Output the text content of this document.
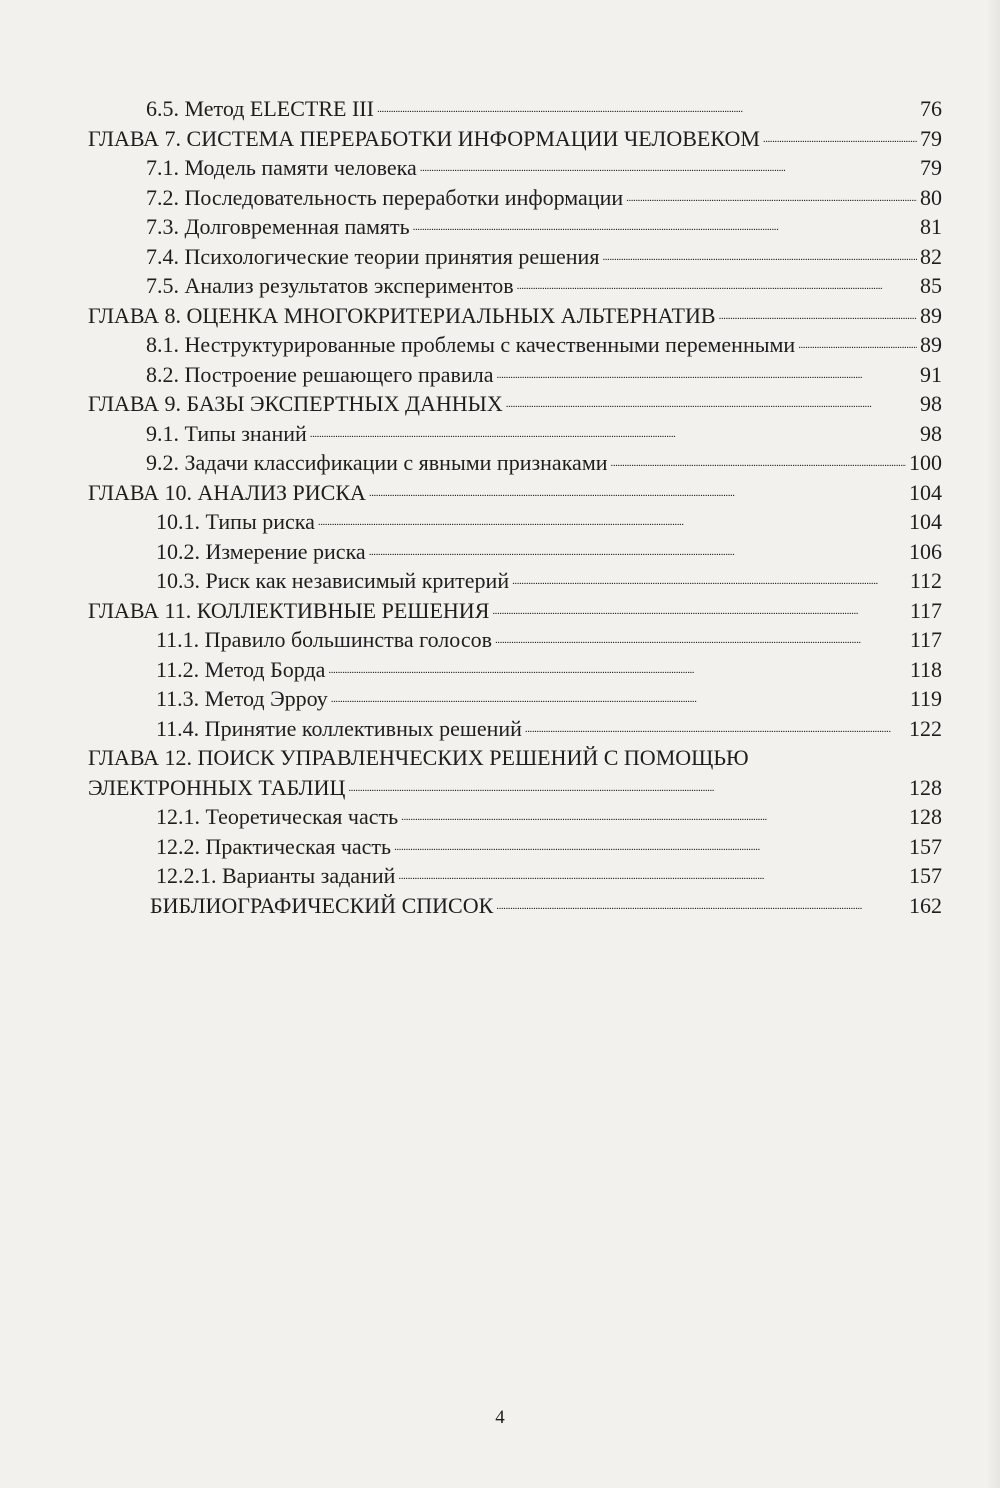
6.5. Метод ELECTRE III . . .	76
ГЛАВА 7. СИСТЕМА ПЕРЕРАБОТКИ ИНФОРМАЦИИ ЧЕЛОВЕКОМ . . .	79
7.1. Модель памяти человека . . .	79
7.2. Последовательность переработки информации . . .	80
7.3. Долговременная память . . .	81
7.4. Психологические теории принятия решения . . .	82
7.5. Анализ результатов экспериментов . . .	85
ГЛАВА 8. ОЦЕНКА МНОГОКРИТЕРИАЛЬНЫХ АЛЬТЕРНАТИВ . . .	89
8.1. Неструктурированные проблемы с качественными переменными . . .	89
8.2. Построение решающего правила . . .	91
ГЛАВА 9. БАЗЫ ЭКСПЕРТНЫХ ДАННЫХ . . .	98
9.1. Типы знаний . . .	98
9.2. Задачи классификации с явными признаками . . .	100
ГЛАВА 10. АНАЛИЗ РИСКА . . .	104
10.1. Типы риска . . .	104
10.2. Измерение риска . . .	106
10.3. Риск как независимый критерий . . .	112
ГЛАВА 11. КОЛЛЕКТИВНЫЕ РЕШЕНИЯ . . .	117
11.1. Правило большинства голосов . . .	117
11.2. Метод Борда . . .	118
11.3. Метод Эрроу . . .	119
11.4. Принятие коллективных решений . . .	122
ГЛАВА 12. ПОИСК УПРАВЛЕНЧЕСКИХ РЕШЕНИЙ С ПОМОЩЬЮ
ЭЛЕКТРОННЫХ ТАБЛИЦ . . .	128
12.1. Теоретическая часть . . .	128
12.2. Практическая часть . . .	157
12.2.1. Варианты заданий . . .	157
БИБЛИОГРАФИЧЕСКИЙ СПИСОК . . .	162
4
